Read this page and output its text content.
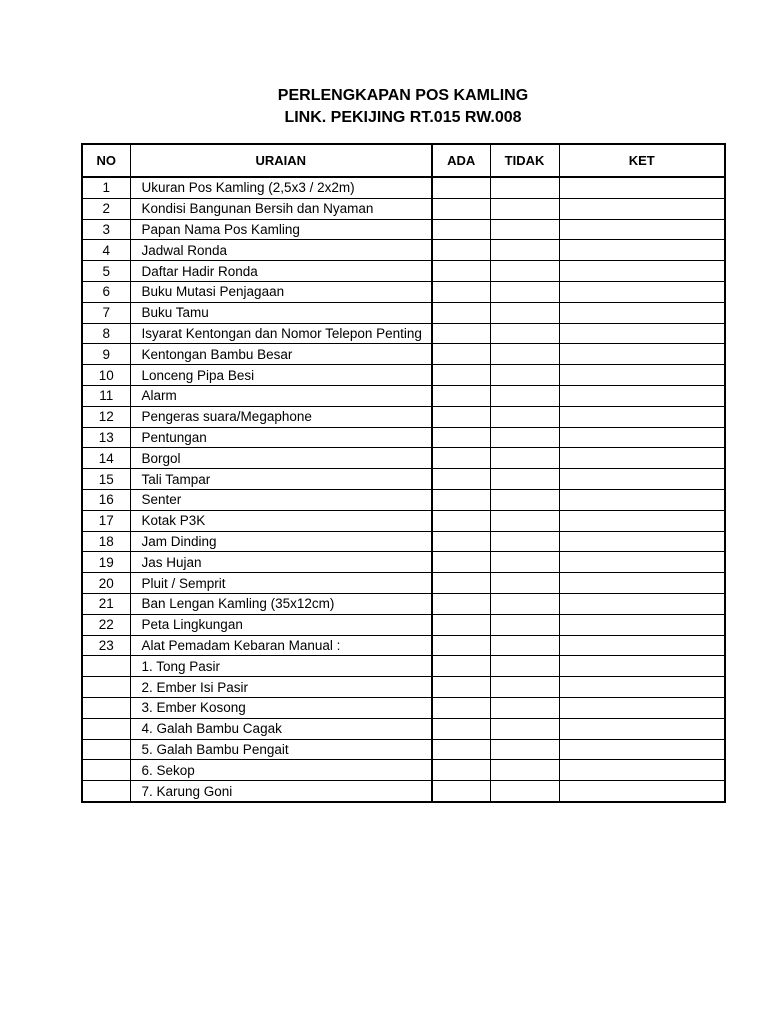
PERLENGKAPAN POS KAMLING
LINK. PEKIJING RT.015 RW.008
NO	URAIAN	ADA	TIDAK	KET
1	Ukuran Pos Kamling (2,5x3 / 2x2m)			
2	Kondisi Bangunan Bersih dan Nyaman			
3	Papan Nama Pos Kamling			
4	Jadwal Ronda			
5	Daftar Hadir Ronda			
6	Buku Mutasi Penjagaan			
7	Buku Tamu			
8	Isyarat Kentongan dan Nomor Telepon Penting			
9	Kentongan Bambu Besar			
10	Lonceng Pipa Besi			
11	Alarm			
12	Pengeras suara/Megaphone			
13	Pentungan			
14	Borgol			
15	Tali Tampar			
16	Senter			
17	Kotak P3K			
18	Jam Dinding			
19	Jas Hujan			
20	Pluit / Semprit			
21	Ban Lengan Kamling (35x12cm)			
22	Peta Lingkungan			
23	Alat Pemadam Kebaran Manual :			
	1. Tong Pasir			
	2. Ember Isi Pasir			
	3. Ember Kosong			
	4. Galah Bambu Cagak			
	5. Galah Bambu Pengait			
	6. Sekop			
	7. Karung Goni			
